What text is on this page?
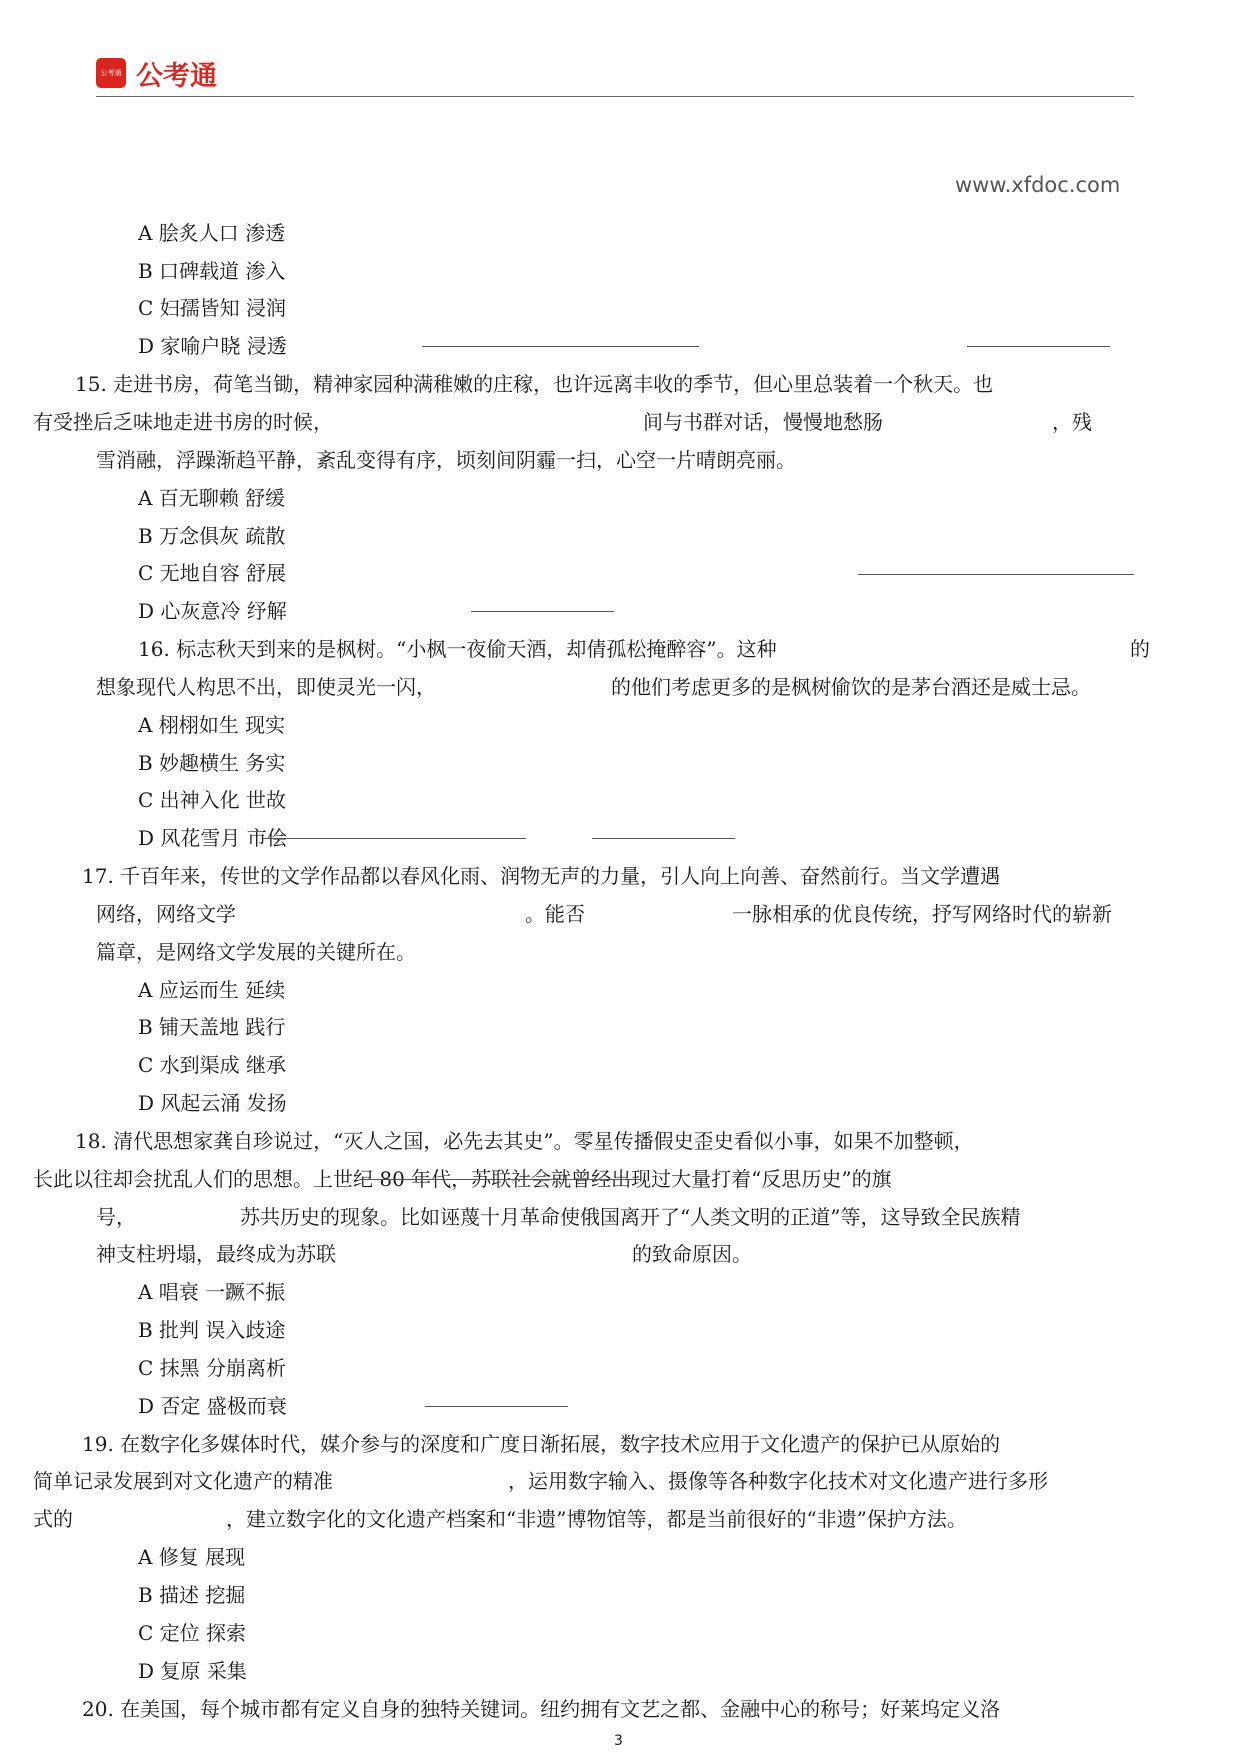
公考通 公考通
www.xfdoc.com
A 脍炙人口 渗透
B 口碑载道 渗入
C 妇孺皆知 浸润
D 家喻户晓 浸透
15. 走进书房，荷笔当锄，精神家园种满稚嫩的庄稼，也许远离丰收的季节，但心里总装着一个秋天。也
有受挫后乏味地走进书房的时候，	间与书群对话，慢慢地愁肠	，残
雪消融，浮躁渐趋平静，紊乱变得有序，顷刻间阴霾一扫，心空一片晴朗亮丽。
A 百无聊赖 舒缓
B 万念俱灰 疏散
C 无地自容 舒展
D 心灰意冷 纾解
16. 标志秋天到来的是枫树。“小枫一夜偷天酒，却倩孤松掩醉容”。这种	的
想象现代人构思不出，即使灵光一闪，	的他们考虑更多的是枫树偷饮的是茅台酒还是威士忌。
A 栩栩如生 现实
B 妙趣横生 务实
C 出神入化 世故
D 风花雪月 市侩
17. 千百年来，传世的文学作品都以春风化雨、润物无声的力量，引人向上向善、奋然前行。当文学遭遇
网络，网络文学	。能否	一脉相承的优良传统，抒写网络时代的崭新
篇章，是网络文学发展的关键所在。
A 应运而生 延续
B 铺天盖地 践行
C 水到渠成 继承
D 风起云涌 发扬
18. 清代思想家龚自珍说过，“灭人之国，必先去其史”。零星传播假史歪史看似小事，如果不加整顿，
长此以往却会扰乱人们的思想。上世纪 80 年代，苏联社会就曾经出现过大量打着“反思历史”的旗
号，	苏共历史的现象。比如诬蔑十月革命使俄国离开了“人类文明的正道”等，这导致全民族精
神支柱坍塌，最终成为苏联	的致命原因。
A 唱衰 一蹶不振
B 批判 误入歧途
C 抹黑 分崩离析
D 否定 盛极而衰
19. 在数字化多媒体时代，媒介参与的深度和广度日渐拓展，数字技术应用于文化遗产的保护已从原始的
简单记录发展到对文化遗产的精准	，运用数字输入、摄像等各种数字化技术对文化遗产进行多形
式的	，建立数字化的文化遗产档案和“非遗”博物馆等，都是当前很好的“非遗”保护方法。
A 修复 展现
B 描述 挖掘
C 定位 探索
D 复原 采集
20. 在美国，每个城市都有定义自身的独特关键词。纽约拥有文艺之都、金融中心的称号；好莱坞定义洛
3
